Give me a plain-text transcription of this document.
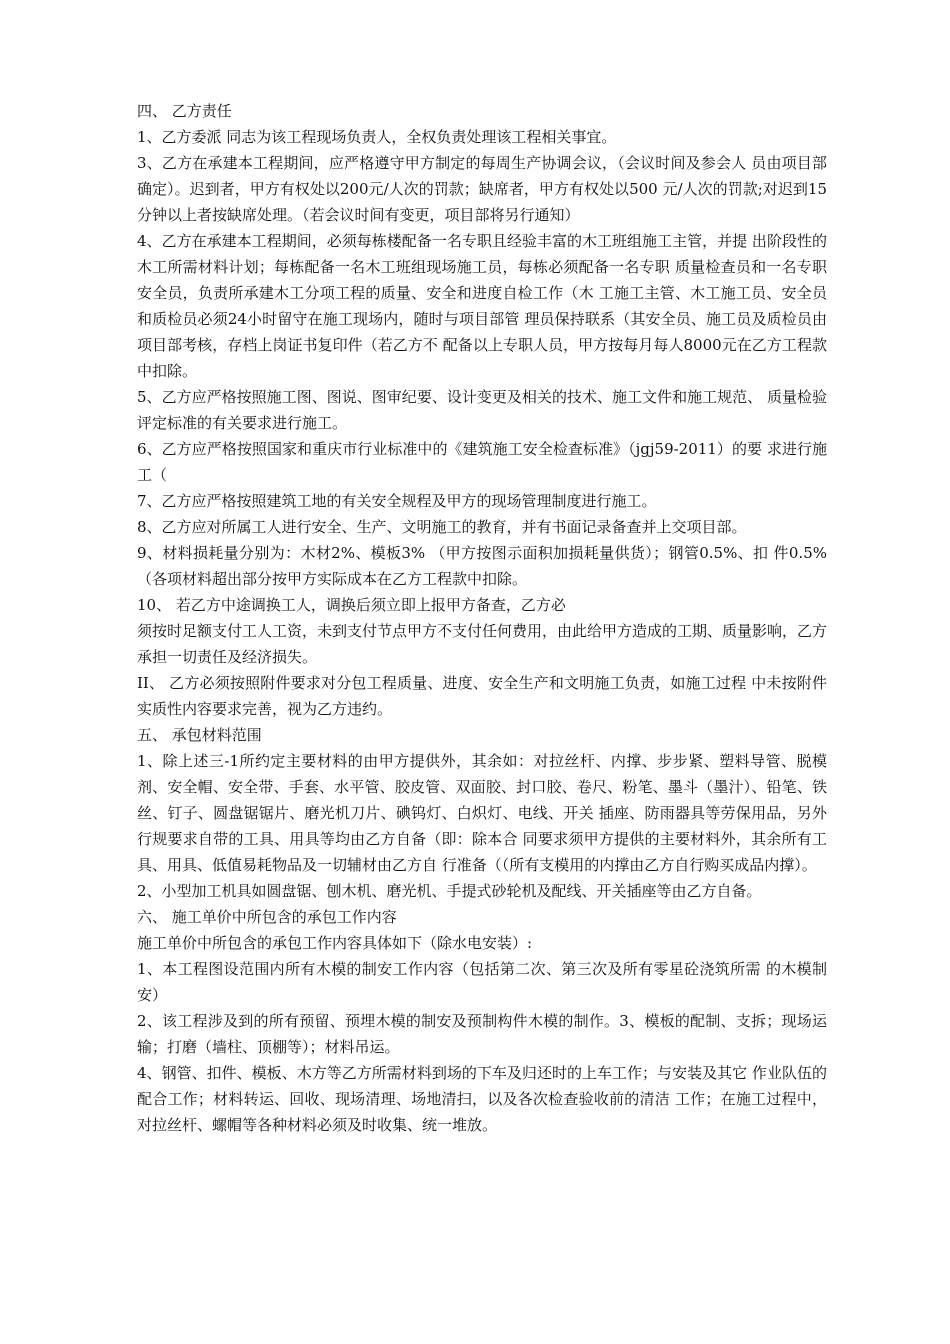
四、 乙方责任

1、乙方委派 同志为该工程现场负责人，全权负责处理该工程相关事宜。

3、乙方在承建本工程期间，应严格遵守甲方制定的每周生产协调会议，（会议时间及参会人 员由项目部确定）。迟到者，甲方有权处以200元/人次的罚款；缺席者，甲方有权处以500 元/人次的罚款;对迟到15分钟以上者按缺席处理。（若会议时间有变更，项目部将另行通知）

4、乙方在承建本工程期间，必须每栋楼配备一名专职且经验丰富的木工班组施工主管，并提 出阶段性的木工所需材料计划；每栋配备一名木工班组现场施工员，每栋必须配备一名专职 质量检查员和一名专职安全员，负责所承建木工分项工程的质量、安全和进度自检工作（木 工施工主管、木工施工员、安全员和质检员必须24小时留守在施工现场内，随时与项目部管 理员保持联系（其安全员、施工员及质检员由项目部考核，存档上岗证书复印件（若乙方不 配备以上专职人员，甲方按每月每人8000元在乙方工程款中扣除。

5、乙方应严格按照施工图、图说、图审纪要、设计变更及相关的技术、施工文件和施工规范、 质量检验评定标准的有关要求进行施工。

6、乙方应严格按照国家和重庆市行业标准中的《建筑施工安全检查标准》（jgj59-2011）的要 求进行施工（

7、乙方应严格按照建筑工地的有关安全规程及甲方的现场管理制度进行施工。

8、乙方应对所属工人进行安全、生产、文明施工的教育，并有书面记录备查并上交项目部。

9、材料损耗量分别为：木材2%、模板3% （甲方按图示面积加损耗量供货）；钢管0.5%、扣 件0.5%（各项材料超出部分按甲方实际成本在乙方工程款中扣除。

10、 若乙方中途调换工人，调换后须立即上报甲方备查，乙方必

须按时足额支付工人工资，未到支付节点甲方不支付任何费用，由此给甲方造成的工期、质量影响，乙方承担一切责任及经济损失。

II、 乙方必须按照附件要求对分包工程质量、进度、安全生产和文明施工负责，如施工过程 中未按附件实质性内容要求完善，视为乙方违约。

五、 承包材料范围

1、除上述三-1所约定主要材料的由甲方提供外，其余如：对拉丝杆、内撑、步步紧、塑料导管、脱模剂、安全帽、安全带、手套、水平管、胶皮管、双面胶、封口胶、卷尺、粉笔、墨斗（墨汁）、铅笔、铁丝、钉子、圆盘锯锯片、磨光机刀片、碘钨灯、白炽灯、电线、开关 插座、防雨器具等劳保用品，另外行规要求自带的工具、用具等均由乙方自备（即：除本合 同要求须甲方提供的主要材料外，其余所有工具、用具、低值易耗物品及一切辅材由乙方自 行准备（（所有支模用的内撑由乙方自行购买成品内撑）。

2、小型加工机具如圆盘锯、刨木机、磨光机、手提式砂轮机及配线、开关插座等由乙方自备。

六、 施工单价中所包含的承包工作内容

施工单价中所包含的承包工作内容具体如下（除水电安装）:

1、本工程图设范围内所有木模的制安工作内容（包括第二次、第三次及所有零星砼浇筑所需 的木模制安）

2、该工程涉及到的所有预留、预埋木模的制安及预制构件木模的制作。3、模板的配制、支拆；现场运输；打磨（墙柱、顶棚等）；材料吊运。

4、钢管、扣件、模板、木方等乙方所需材料到场的下车及归还时的上车工作；与安装及其它 作业队伍的配合工作；材料转运、回收、现场清理、场地清扫，以及各次检查验收前的清洁 工作；在施工过程中，对拉丝杆、螺帽等各种材料必须及时收集、统一堆放。
